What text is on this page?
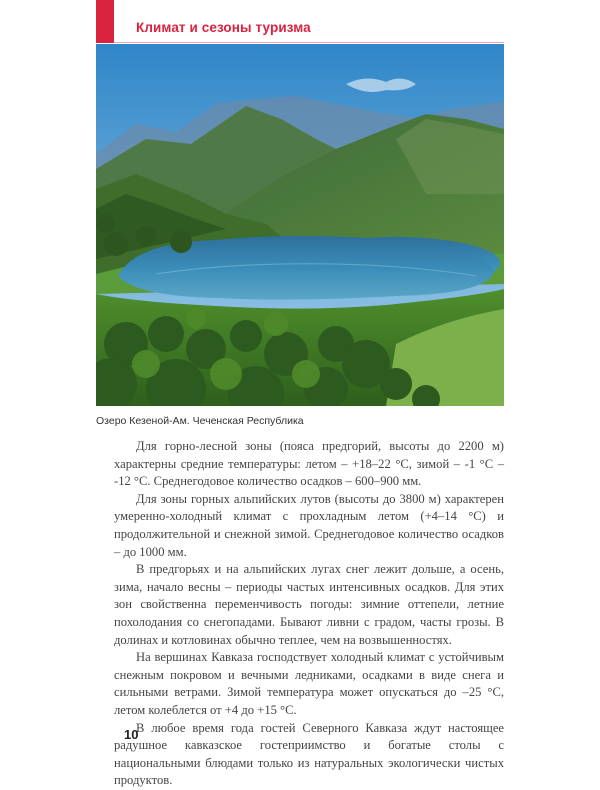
Климат и сезоны туризма
Озеро Кезеной-Ам. Чеченская Республика

Для горно-лесной зоны (пояса предгорий, высоты до 2200 м) характерны средние температуры: летом – +18–22 °С, зимой – -1 °С – -12 °С. Среднегодовое количество осадков – 600–900 мм.

Для зоны горных альпийских лутов (высоты до 3800 м) характерен умеренно-холодный климат с прохладным летом (+4–14 °С) и продолжительной и снежной зимой. Среднегодовое количество осадков – до 1000 мм.

В предгорьях и на альпийских лугах снег лежит дольше, а осень, зима, начало весны – периоды частых интенсивных осадков. Для этих зон свойственна переменчивость погоды: зимние оттепели, летние похолодания со снегопадами. Бывают ливни с градом, часты грозы. В долинах и котловинах обычно теплее, чем на возвышенностях.

На вершинах Кавказа господствует холодный климат с устойчивым снежным покровом и вечными ледниками, осадками в виде снега и сильными ветрами. Зимой температура может опускаться до –25 °С, летом колеблется от +4 до +15 °С.

В любое время года гостей Северного Кавказа ждут настоящее радушное кавказское гостеприимство и богатые столы с национальными блюдами только из натуральных экологически чистых продуктов.

10
